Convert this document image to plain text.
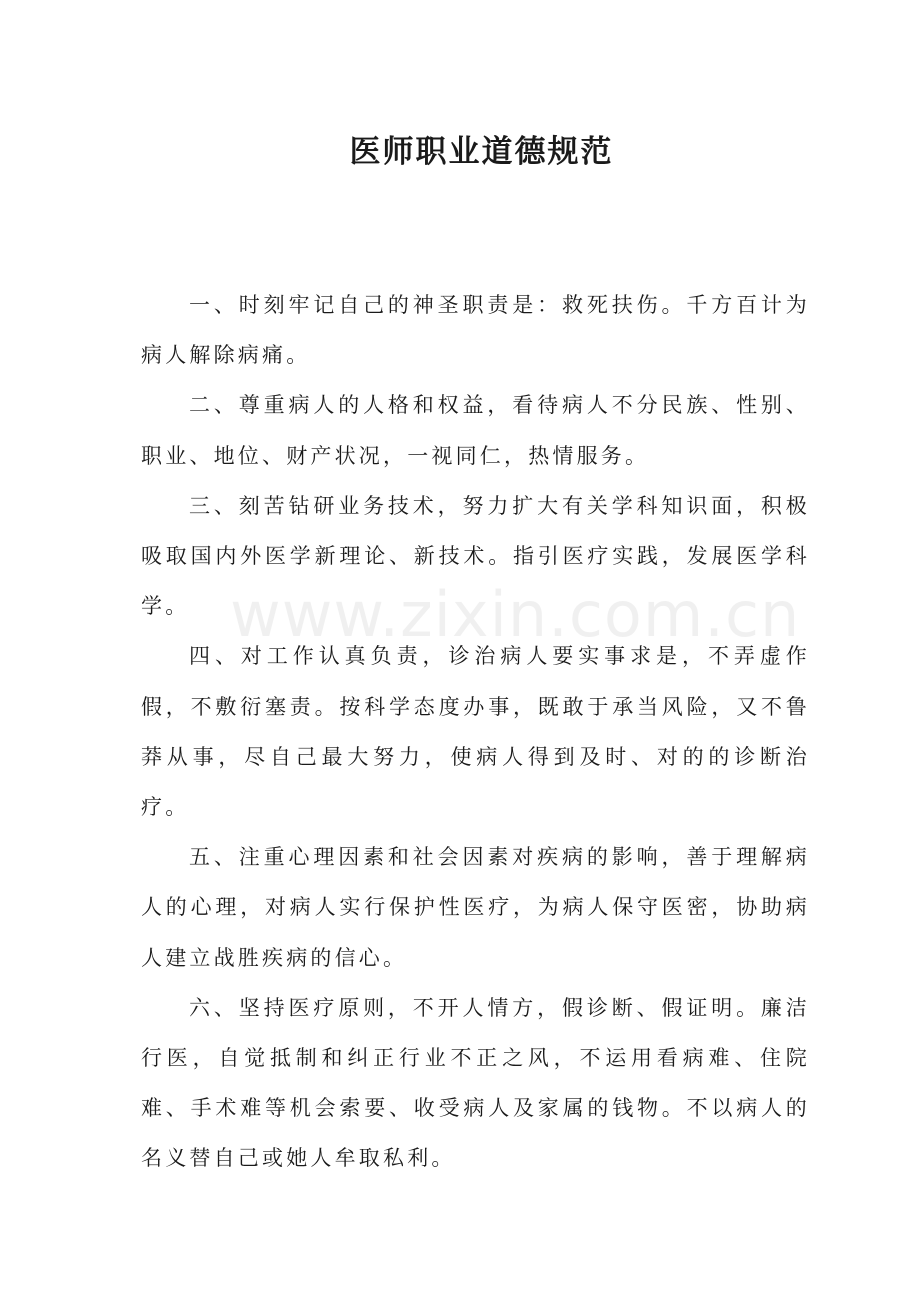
医师职业道德规范

一、时刻牢记自己的神圣职责是：救死扶伤。千方百计为病人解除病痛。

二、尊重病人的人格和权益，看待病人不分民族、性别、职业、地位、财产状况，一视同仁，热情服务。

三、刻苦钻研业务技术，努力扩大有关学科知识面，积极吸取国内外医学新理论、新技术。指引医疗实践，发展医学科学。

四、对工作认真负责，诊治病人要实事求是，不弄虚作假，不敷衍塞责。按科学态度办事，既敢于承当风险，又不鲁莽从事，尽自己最大努力，使病人得到及时、对的的诊断治疗。

五、注重心理因素和社会因素对疾病的影响，善于理解病人的心理，对病人实行保护性医疗，为病人保守医密，协助病人建立战胜疾病的信心。

六、坚持医疗原则，不开人情方，假诊断、假证明。廉洁行医，自觉抵制和纠正行业不正之风，不运用看病难、住院难、手术难等机会索要、收受病人及家属的钱物。不以病人的名义替自己或她人牟取私利。

www.zixin.com.cn
